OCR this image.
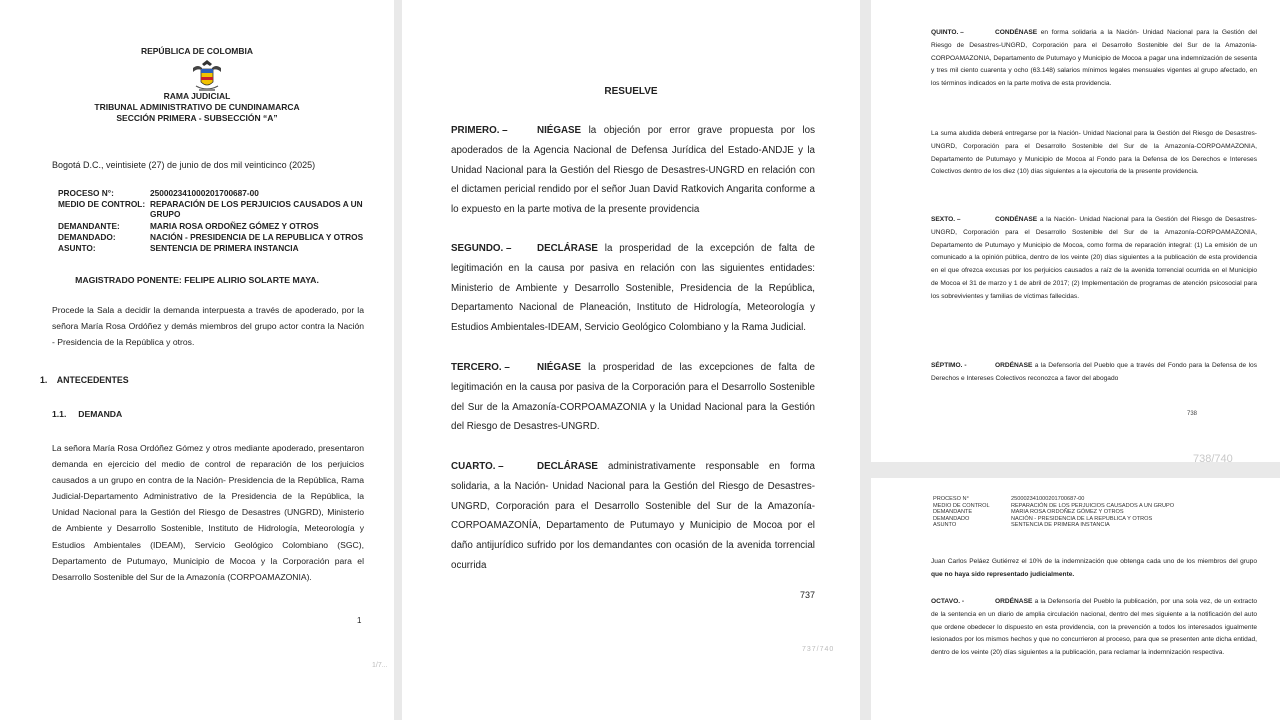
REPÚBLICA DE COLOMBIA
RAMA JUDICIAL
TRIBUNAL ADMINISTRATIVO DE CUNDINAMARCA
SECCIÓN PRIMERA - SUBSECCIÓN “A”
Bogotá D.C., veintisiete (27) de junio de dos mil veinticinco (2025)
PROCESO N°:	25000234100020170068​7-00
MEDIO DE CONTROL: REPARACIÓN DE LOS PERJUICIOS CAUSADOS A UN GRUPO
DEMANDANTE:	MARIA ROSA ORDOÑEZ GÓMEZ Y OTROS
DEMANDADO:	NACIÓN - PRESIDENCIA DE LA REPUBLICA Y OTROS
ASUNTO:	SENTENCIA DE PRIMERA INSTANCIA
MAGISTRADO PONENTE: FELIPE ALIRIO SOLARTE MAYA.
Procede la Sala a decidir la demanda interpuesta a través de apoderado, por la señora María Rosa Ordóñez y demás miembros del grupo actor contra la Nación - Presidencia de la República y otros.
1.    ANTECEDENTES
1.1.     DEMANDA
La señora María Rosa Ordóñez Gómez y otros mediante apoderado, presentaron demanda en ejercicio del medio de control de reparación de los perjuicios causados a un grupo en contra de la Nación- Presidencia de la República, Rama Judicial-Departamento Administrativo de la Presidencia de la República, la Unidad Nacional para la Gestión del Riesgo de Desastres (UNGRD), Ministerio de Ambiente y Desarrollo Sostenible, Instituto de Hidrología, Meteorología y Estudios Ambientales (IDEAM), Servicio Geológico Colombiano (SGC), Departamento de Putumayo, Municipio de Mocoa y la Corporación para el Desarrollo Sostenible del Sur de la Amazonía (CORPOAMAZONIA).
1
1/7...
RESUELVE
PRIMERO. –	NIÉGASE la objeción por error grave propuesta por los apoderados de la Agencia Nacional de Defensa Jurídica del Estado-ANDJE y la Unidad Nacional para la Gestión del Riesgo de Desastres-UNGRD en relación con el dictamen pericial rendido por el señor Juan David Ratkovich Angarita conforme a lo expuesto en la parte motiva de la presente providencia
SEGUNDO. –	DECLÁRASE la prosperidad de la excepción de falta de legitimación en la causa por pasiva en relación con las siguientes entidades: Ministerio de Ambiente y Desarrollo Sostenible, Presidencia de la República, Departamento Nacional de Planeación, Instituto de Hidrología, Meteorología y Estudios Ambientales-IDEAM, Servicio Geológico Colombiano y la Rama Judicial.
TERCERO. –	NIÉGASE la prosperidad de las excepciones de falta de legitimación en la causa por pasiva de la Corporación para el Desarrollo Sostenible del Sur de la Amazonía-CORPOAMAZONIA y la Unidad Nacional para la Gestión del Riesgo de Desastres-UNGRD.
CUARTO. –	DECLÁRASE administrativamente responsable en forma solidaria, a la Nación- Unidad Nacional para la Gestión del Riesgo de Desastres-UNGRD, Corporación para el Desarrollo Sostenible del Sur de la Amazonía-CORPOAMAZONÍA, Departamento de Putumayo y Municipio de Mocoa por el daño antijurídico sufrido por los demandantes con ocasión de la avenida torrencial ocurrida
737
737/740
QUINTO. –	CONDÉNASE en forma solidaria a la Nación- Unidad Nacional para la Gestión del Riesgo de Desastres-UNGRD, Corporación para el Desarrollo Sostenible del Sur de la Amazonía-CORPOAMAZONIA, Departamento de Putumayo y Municipio de Mocoa a pagar una indemnización de sesenta y tres mil ciento cuarenta y ocho (63.148) salarios mínimos legales mensuales vigentes al grupo afectado, en los términos indicados en la parte motiva de esta providencia.
La suma aludida deberá entregarse por la Nación- Unidad Nacional para la Gestión del Riesgo de Desastres-UNGRD, Corporación para el Desarrollo Sostenible del Sur de la Amazonía-CORPOAMAZONIA, Departamento de Putumayo y Municipio de Mocoa al Fondo para la Defensa de los Derechos e Intereses Colectivos dentro de los diez (10) días siguientes a la ejecutoria de la presente providencia.
SEXTO. –	CONDÉNASE a la Nación- Unidad Nacional para la Gestión del Riesgo de Desastres-UNGRD, Corporación para el Desarrollo Sostenible del Sur de la Amazonía-CORPOAMAZONIA, Departamento de Putumayo y Municipio de Mocoa, como forma de reparación integral: (1) La emisión de un comunicado a la opinión pública, dentro de los veinte (20) días siguientes a la publicación de esta providencia en el que ofrezca excusas por los perjuicios causados a raíz de la avenida torrencial ocurrida en el Municipio de Mocoa el 31 de marzo y 1 de abril de 2017; (2) Implementación de programas de atención psicosocial para los sobrevivientes y familias de víctimas fallecidas.
SÉPTIMO. -	ORDÉNASE a la Defensoría del Pueblo que a través del Fondo para la Defensa de los Derechos e Intereses Colectivos reconozca a favor del abogado
738
738/740
PROCESO N°	25000234100020170068​7-00
MEDIO DE CONTROL	REPARACIÓN DE LOS PERJUICIOS CAUSADOS A UN GRUPO
DEMANDANTE	MARIA ROSA ORDOÑEZ GÓMEZ Y OTROS
DEMANDADO	NACIÓN - PRESIDENCIA DE LA REPUBLICA Y OTROS
ASUNTO	SENTENCIA DE PRIMERA INSTANCIA
Juan Carlos Peláez Gutiérrez el 10% de la indemnización que obtenga cada uno de los miembros del grupo que no haya sido representado judicialmente.
OCTAVO. -	ORDÉNASE a la Defensoría del Pueblo la publicación, por una sola vez, de un extracto de la sentencia en un diario de amplia circulación nacional, dentro del mes siguiente a la notificación del auto que ordene obedecer lo dispuesto en esta providencia, con la prevención a todos los interesados igualmente lesionados por los mismos hechos y que no concurrieron al proceso, para que se presenten ante dicha entidad, dentro de los veinte (20) días siguientes a la publicación, para reclamar la indemnización respectiva.
